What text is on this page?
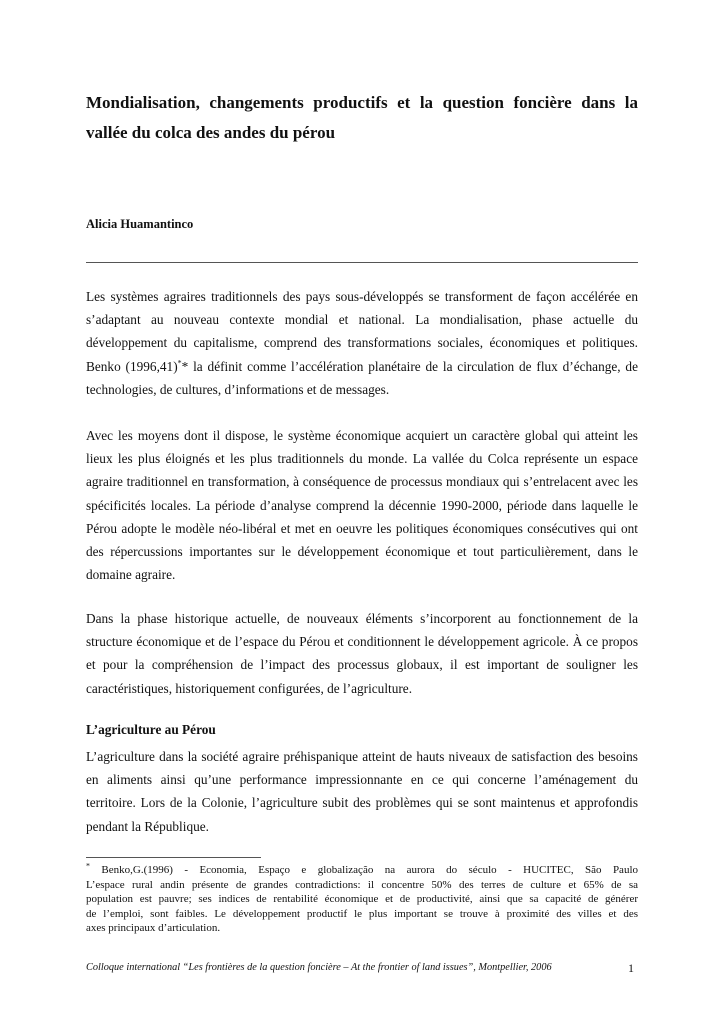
Mondialisation, changements productifs et la question foncière dans la
vallée du colca des andes du pérou
Alicia Huamantinco
Les systèmes agraires traditionnels des pays sous-développés se transforment de façon accélérée en
s’adaptant au nouveau contexte mondial et national. La mondialisation, phase actuelle du
développement du capitalisme, comprend des transformations sociales, économiques et politiques.
Benko (1996,41)** la définit comme l’accélération planétaire de la circulation de flux d’échange, de
technologies, de cultures, d’informations et de messages.
Avec les moyens dont il dispose, le système économique acquiert un caractère global qui atteint les
lieux les plus éloignés et les plus traditionnels du monde. La vallée du Colca représente un espace
agraire traditionnel en transformation, à conséquence de processus mondiaux qui s’entrelacent avec les
spécificités locales. La période d’analyse comprend la décennie 1990-2000, période dans laquelle le
Pérou adopte le modèle néo-libéral et met en oeuvre les politiques économiques consécutives qui ont
des répercussions importantes sur le développement économique et tout particulièrement, dans le
domaine agraire.
Dans la phase historique actuelle, de nouveaux éléments s’incorporent au fonctionnement de la
structure économique et de l’espace du Pérou et conditionnent le développement agricole. À ce propos
et pour la compréhension de l’impact des processus globaux, il est important de souligner les
caractéristiques, historiquement configurées, de l’agriculture.
L’agriculture au Pérou
L’agriculture dans la société agraire préhispanique atteint de hauts niveaux de satisfaction des besoins
en aliments ainsi qu’une performance impressionnante en ce qui concerne l’aménagement du
territoire. Lors de la Colonie, l’agriculture subit des problèmes qui se sont maintenus et approfondis
pendant la République.
* Benko,G.(1996) - Economia, Espaço e globalização na aurora do século - HUCITEC, São Paulo
L’espace rural andin présente de grandes contradictions: il concentre 50% des terres de culture et 65% de sa
population est pauvre; ses indices de rentabilité économique et de productivité, ainsi que sa capacité de générer
de l’emploi, sont faibles. Le développement productif le plus important se trouve à proximité des villes et des
axes principaux d’articulation.
Colloque international “Les frontières de la question foncière – At the frontier of land issues”, Montpellier, 2006	1
